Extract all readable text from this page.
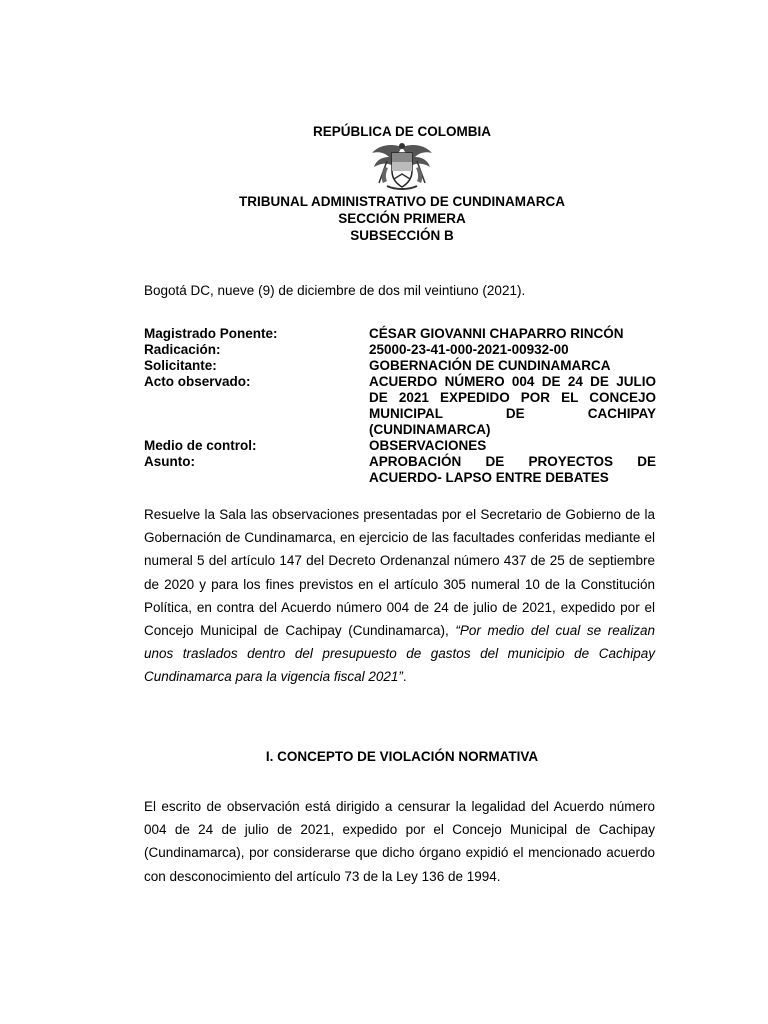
REPÚBLICA DE COLOMBIA
TRIBUNAL ADMINISTRATIVO DE CUNDINAMARCA
SECCIÓN PRIMERA
SUBSECCIÓN B
Bogotá DC, nueve (9) de diciembre de dos mil veintiuno (2021).
Magistrado Ponente:	CÉSAR GIOVANNI CHAPARRO RINCÓN
Radicación:	25000-23-41-000-2021-00932-00
Solicitante:	GOBERNACIÓN DE CUNDINAMARCA
Acto observado:	ACUERDO NÚMERO 004 DE 24 DE JULIO DE 2021 EXPEDIDO POR EL CONCEJO MUNICIPAL DE CACHIPAY (CUNDINAMARCA)
Medio de control:	OBSERVACIONES
Asunto:	APROBACIÓN DE PROYECTOS DE ACUERDO- LAPSO ENTRE DEBATES
Resuelve la Sala las observaciones presentadas por el Secretario de Gobierno de la Gobernación de Cundinamarca, en ejercicio de las facultades conferidas mediante el numeral 5 del artículo 147 del Decreto Ordenanzal número 437 de 25 de septiembre de 2020 y para los fines previstos en el artículo 305 numeral 10 de la Constitución Política, en contra del Acuerdo número 004 de 24 de julio de 2021, expedido por el Concejo Municipal de Cachipay (Cundinamarca), “Por medio del cual se realizan unos traslados dentro del presupuesto de gastos del municipio de Cachipay Cundinamarca para la vigencia fiscal 2021”.
I. CONCEPTO DE VIOLACIÓN NORMATIVA
El escrito de observación está dirigido a censurar la legalidad del Acuerdo número 004 de 24 de julio de 2021, expedido por el Concejo Municipal de Cachipay (Cundinamarca), por considerarse que dicho órgano expidió el mencionado acuerdo con desconocimiento del artículo 73 de la Ley 136 de 1994.
